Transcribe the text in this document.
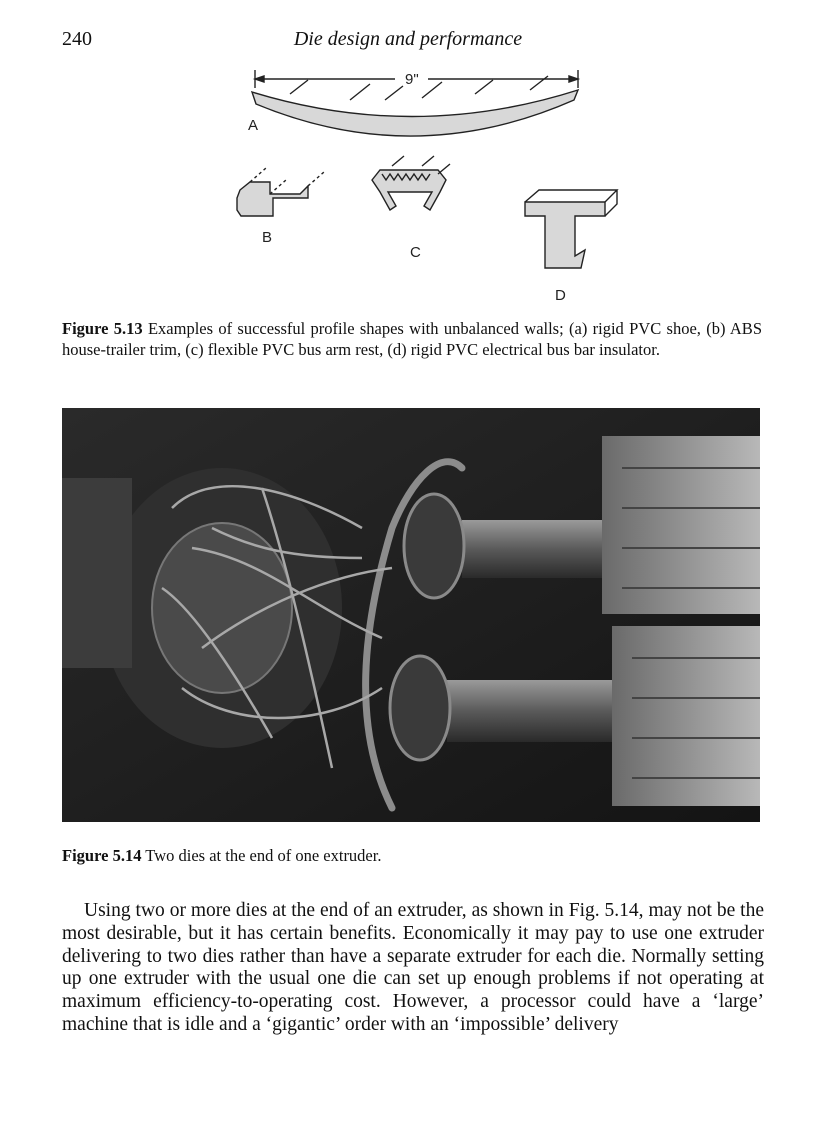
240	Die design and performance
9"
A
B
C
D
Figure 5.13 Examples of successful profile shapes with unbalanced walls; (a) rigid PVC shoe, (b) ABS house-trailer trim, (c) flexible PVC bus arm rest, (d) rigid PVC electrical bus bar insulator.
Figure 5.14 Two dies at the end of one extruder.

Using two or more dies at the end of an extruder, as shown in Fig. 5.14, may not be the most desirable, but it has certain benefits. Economically it may pay to use one extruder delivering to two dies rather than have a separate extruder for each die. Normally setting up one extruder with the usual one die can set up enough problems if not operating at maximum efficiency-to-operating cost. However, a processor could have a ‘large’ machine that is idle and a ‘gigantic’ order with an ‘impossible’ delivery
